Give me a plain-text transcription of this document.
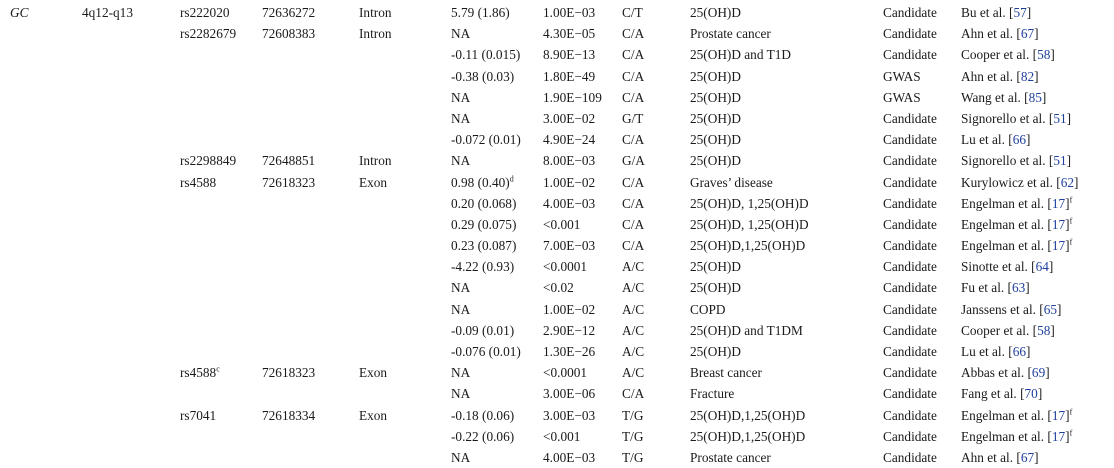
GC	4q12-q13	rs222020 72636272	Intron	5.79 (1.86)	1.00E−03 C/T	25(OH)D	Candidate Bu et al. [57]
rs2282679 72608383	Intron	NA	4.30E−05 C/A	Prostate cancer	Candidate Ahn et al. [67]
-0.11 (0.015) 8.90E−13 C/A	25(OH)D and T1D	Candidate Cooper et al. [58]
-0.38 (0.03) 1.80E−49 C/A	25(OH)D	GWAS	Ahn et al. [82]
NA	1.90E−109 C/A	25(OH)D	GWAS	Wang et al. [85]
NA	3.00E−02 G/T	25(OH)D	Candidate Signorello et al. [51]
-0.072 (0.01) 4.90E−24 C/A	25(OH)D	Candidate Lu et al. [66]
rs2298849 72648851	Intron	NA	8.00E−03 G/A	25(OH)D	Candidate Signorello et al. [51]
rs4588	72618323	Exon	0.98 $(0.40)^d$ 1.00E−02 C/A	Graves’ disease	Candidate Kurylowicz et al. [62]
0.20 (0.068) 4.00E−03 C/A	25(OH)D, 1,25(OH)D	Candidate Engelman et al. $[17]^f$
0.29 (0.075) <0.001	C/A	25(OH)D, 1,25(OH)D	Candidate Engelman et al. $[17]^f$
0.23 (0.087) 7.00E−03 C/A	25(OH)D,1,25(OH)D	Candidate Engelman et al. $[17]^f$
-4.22 (0.93) <0.0001	A/C	25(OH)D	Candidate Sinotte et al. [64]
NA	<0.02	A/C	25(OH)D	Candidate Fu et al. [63]
NA	1.00E−02 A/C	COPD	Candidate Janssens et al. [65]
-0.09 (0.01) 2.90E−12 A/C	25(OH)D and T1DM	Candidate Cooper et al. [58]
-0.076 (0.01) 1.30E−26 A/C	25(OH)D	Candidate Lu et al. [66]
rs4588$^c$	72618323	Exon	NA	<0.0001	A/C	Breast cancer	Candidate Abbas et al. [69]
NA	3.00E−06 C/A	Fracture	Candidate Fang et al. [70]
rs7041	72618334	Exon	-0.18 (0.06) 3.00E−03 T/G	25(OH)D,1,25(OH)D	Candidate Engelman et al. $[17]^f$
-0.22 (0.06) <0.001	T/G	25(OH)D,1,25(OH)D	Candidate Engelman et al. $[17]^f$
NA	4.00E−03 T/G	Prostate cancer	Candidate Ahn et al. [67]
